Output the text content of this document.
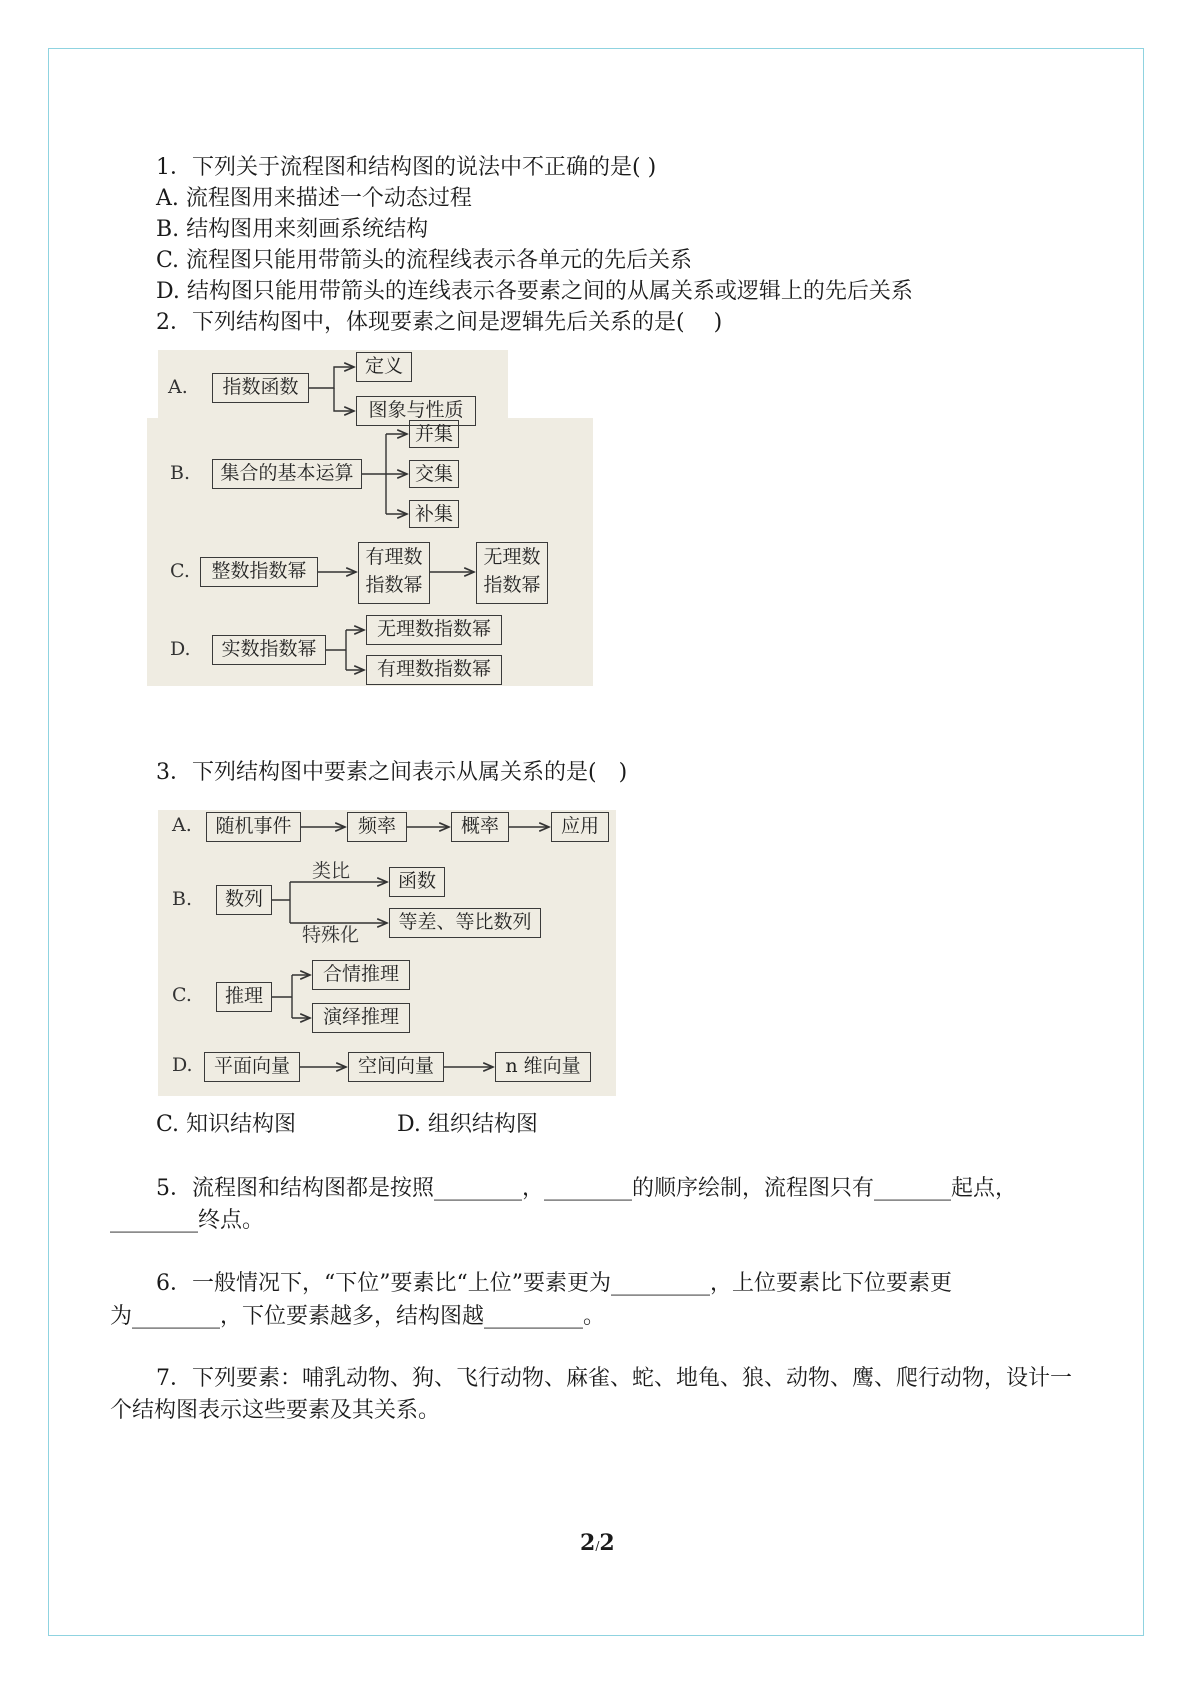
1．下列关于流程图和结构图的说法中不正确的是( )
A. 流程图用来描述一个动态过程
B. 结构图用来刻画系统结构
C. 流程图只能用带箭头的流程线表示各单元的先后关系
D. 结构图只能用带箭头的连线表示各要素之间的从属关系或逻辑上的先后关系
2．下列结构图中，体现要素之间是逻辑先后关系的是(　 )
A.	指数函数
定义
图象与性质
B.	集合的基本运算
并集
交集
补集
C.	整数指数幂
有理数指数幂
无理数指数幂
D.	实数指数幂
无理数指数幂
有理数指数幂
3．下列结构图中要素之间表示从属关系的是(　)
A.	随机事件	频率	概率	应用
B.	数列
类比
特殊化
函数
等差、等比数列
C.	推理
合情推理
演绎推理
D.	平面向量	空间向量	n 维向量
C. 知识结构图	D. 组织结构图
5．流程图和结构图都是按照________，________的顺序绘制，流程图只有_______起点，
________终点。
6．一般情况下，“下位”要素比“上位”要素更为_________，上位要素比下位要素更
为________，下位要素越多，结构图越_________。
7．下列要素：哺乳动物、狗、飞行动物、麻雀、蛇、地龟、狼、动物、鹰、爬行动物，设计一
个结构图表示这些要素及其关系。
2/2
